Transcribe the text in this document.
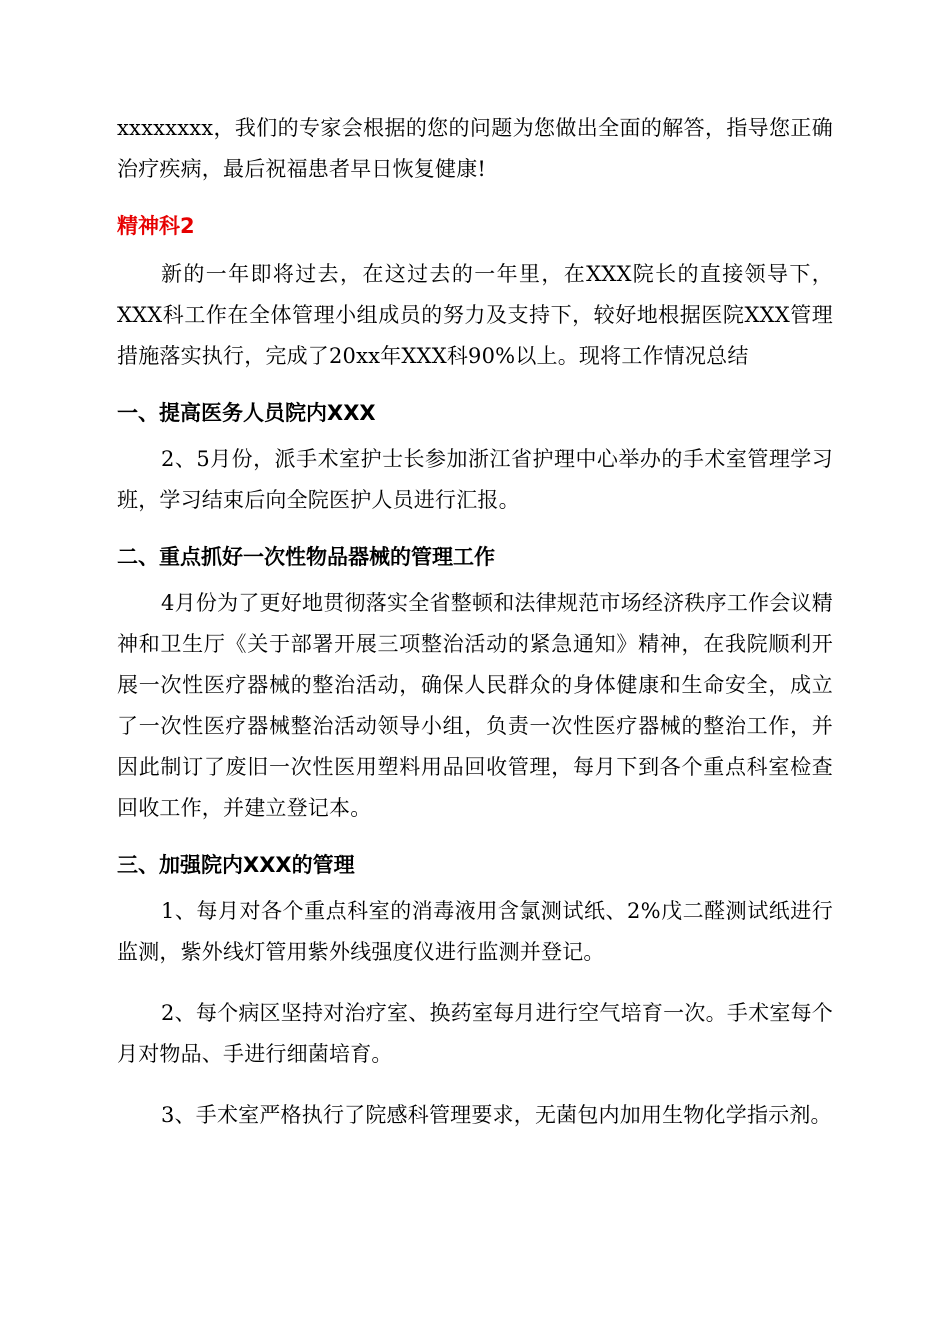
xxxxxxxx，我们的专家会根据的您的问题为您做出全面的解答，指导您正确治疗疾病，最后祝福患者早日恢复健康!

精神科2

新的一年即将过去，在这过去的一年里，在XXX院长的直接领导下，XXX科工作在全体管理小组成员的努力及支持下，较好地根据医院XXX管理措施落实执行，完成了20xx年XXX科90%以上。现将工作情况总结

一、提高医务人员院内XXX

2、5月份，派手术室护士长参加浙江省护理中心举办的手术室管理学习班，学习结束后向全院医护人员进行汇报。

二、重点抓好一次性物品器械的管理工作

4月份为了更好地贯彻落实全省整顿和法律规范市场经济秩序工作会议精神和卫生厅《关于部署开展三项整治活动的紧急通知》精神，在我院顺利开展一次性医疗器械的整治活动，确保人民群众的身体健康和生命安全，成立了一次性医疗器械整治活动领导小组，负责一次性医疗器械的整治工作，并因此制订了废旧一次性医用塑料用品回收管理，每月下到各个重点科室检查回收工作，并建立登记本。

三、加强院内XXX的管理

1、每月对各个重点科室的消毒液用含氯测试纸、2%戊二醛测试纸进行监测，紫外线灯管用紫外线强度仪进行监测并登记。

2、每个病区坚持对治疗室、换药室每月进行空气培育一次。手术室每个月对物品、手进行细菌培育。

3、手术室严格执行了院感科管理要求，无菌包内加用生物化学指示剂。
